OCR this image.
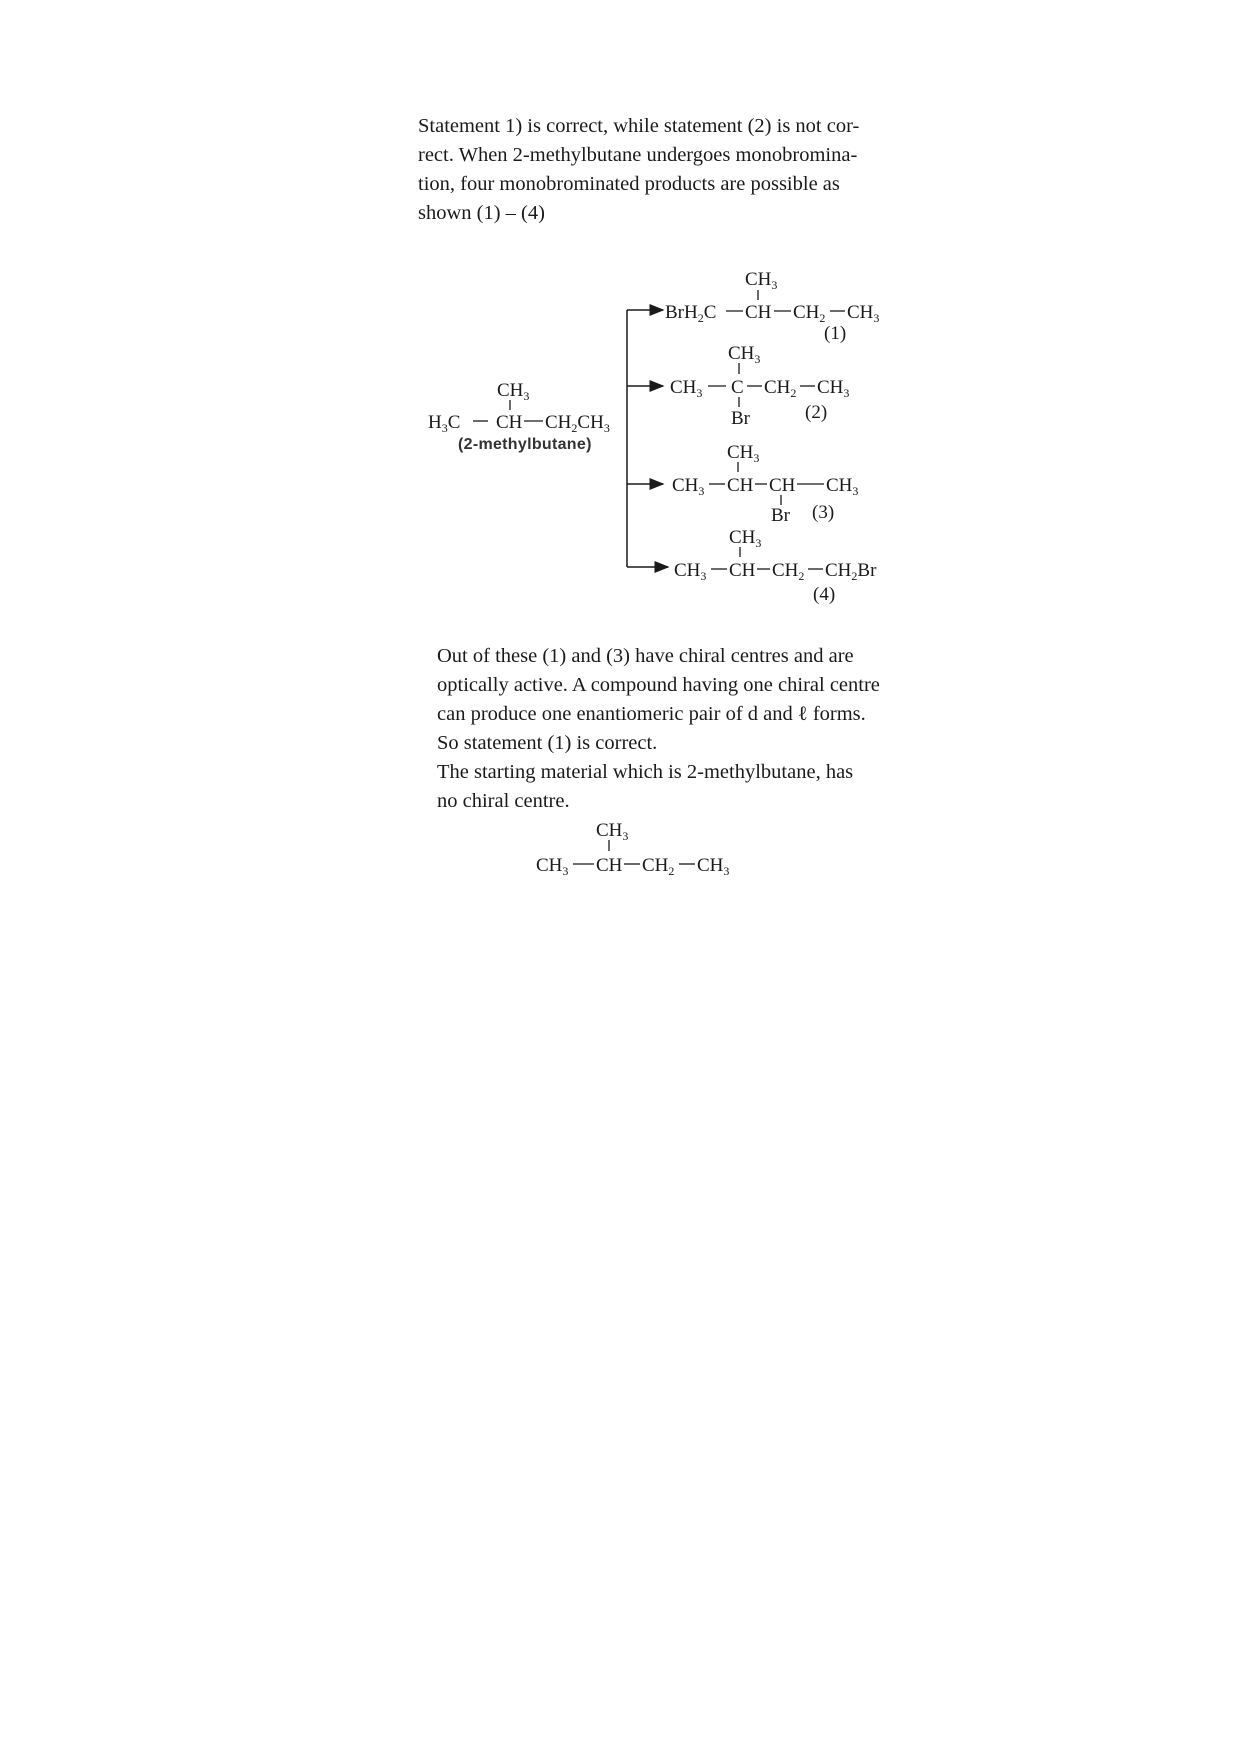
Statement 1) is correct, while statement (2) is not cor-
rect. When 2-methylbutane undergoes monobromina-
tion, four monobrominated products are possible as
shown (1) – (4)
$CH_3$
$H_3C$ CH $CH_2CH_3$
$CH_3$
BrH$_2$C CH $CH_2$ $CH_3$
(1)
$CH_3$
$CH_3$ C $CH_2$ $CH_3$
Br	(2)
$CH_3$
$CH_3$ CH CH $CH_3$
Br (3)
$CH_3$
$CH_3$ CH $CH_2$ $CH_2Br$
(4)
$CH_3$
$CH_3$ CH $CH_2$ $CH_3$
(2-methylbutane)
Out of these (1) and (3) have chiral centres and are
optically active. A compound having one chiral centre
can produce one enantiomeric pair of d and ℓ forms.
So statement (1) is correct.
The starting material which is 2-methylbutane, has
no chiral centre.
